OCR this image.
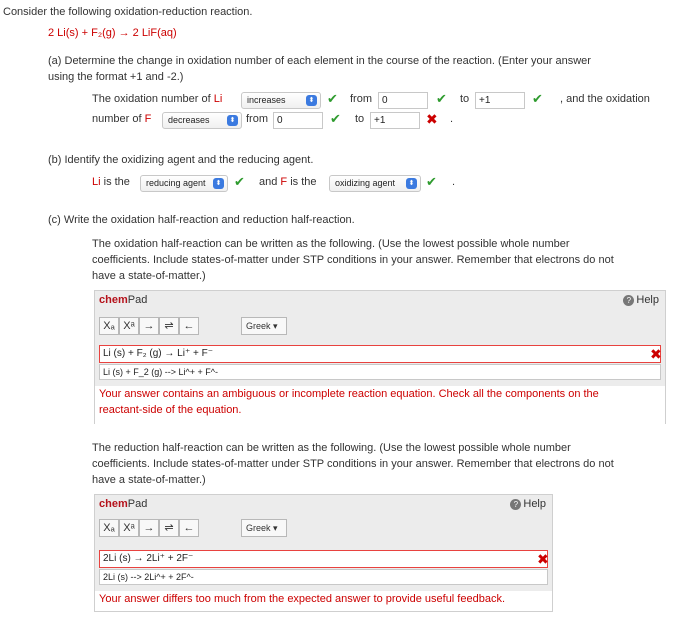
Consider the following oxidation-reduction reaction.
2 Li(s) + F₂(g) → 2 LiF(aq)
(a) Determine the change in oxidation number of each element in the course of the reaction. (Enter your answer
using the format +1 and -2.)
The oxidation number of Li	increases	⬍ ✔ from	0	✔ to +1	✔ , and the oxidation
number of F	decreases	⬍ from 0	✔ to +1	✖ .
(b) Identify the oxidizing agent and the reducing agent.
Li is the	reducing agent	⬍ ✔ and F is the	oxidizing agent	⬍ ✔ .
(c) Write the oxidation half-reaction and reduction half-reaction.
The oxidation half-reaction can be written as the following. (Use the lowest possible whole number
coefficients. Include states-of-matter under STP conditions in your answer. Remember that electrons do not
have a state-of-matter.)
chemPad	? Help
Xₐ Xᵃ → ⇌ ←	Greek ▾
Li (s) + F₂ (g) → Li⁺ + F⁻	✖
Li (s) + F_2 (g) --> Li^+ + F^-
Your answer contains an ambiguous or incomplete reaction equation. Check all the components on the
reactant-side of the equation.
The reduction half-reaction can be written as the following. (Use the lowest possible whole number
coefficients. Include states-of-matter under STP conditions in your answer. Remember that electrons do not
have a state-of-matter.)
chemPad	? Help
Xₐ Xᵃ → ⇌ ←	Greek ▾
2Li (s) → 2Li⁺ + 2F⁻	✖
2Li (s) --> 2Li^+ + 2F^-
Your answer differs too much from the expected answer to provide useful feedback.
